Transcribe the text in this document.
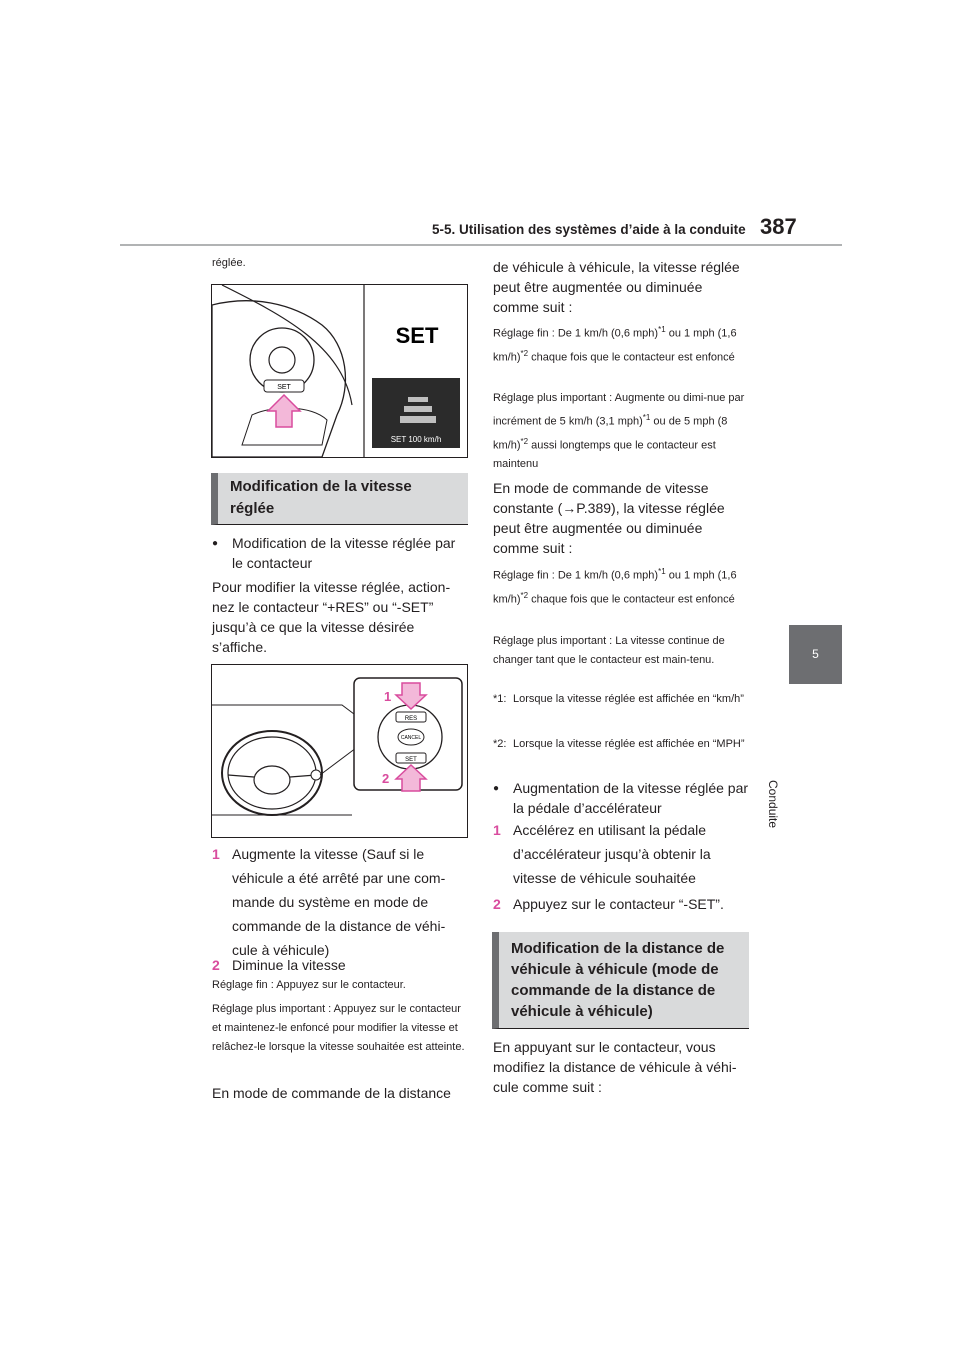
5-5. Utilisation des systèmes d’aide à la conduite 387
5
Conduite

réglée.

SET
SET
SET 100 km/h
Modification de la vitesse réglée
● Modification de la vitesse réglée par le contacteur

Pour modifier la vitesse réglée, action-nez le contacteur “+RES” ou “-SET” jusqu’à ce que la vitesse désirée s’affiche.

RES
CANCEL
SET
1
2
1 Augmente la vitesse (Sauf si le véhicule a été arrêté par une com-mande du système en mode de commande de la distance de véhi-cule à véhicule)
2 Diminue la vitesse

Réglage fin : Appuyez sur le contacteur.

Réglage plus important : Appuyez sur le contacteur et maintenez-le enfoncé pour modifier la vitesse et relâchez-le lorsque la vitesse souhaitée est atteinte.

En mode de commande de la distance

de véhicule à véhicule, la vitesse réglée peut être augmentée ou diminuée comme suit :

Réglage fin : De 1 km/h (0,6 mph)$^{*1}$ ou 1 mph (1,6 km/h)$^{*2}$ chaque fois que le contacteur est enfoncé

Réglage plus important : Augmente ou dimi-nue par incrément de 5 km/h (3,1 mph)$^{*1}$ ou de 5 mph (8 km/h)$^{*2}$ aussi longtemps que le contacteur est maintenu

En mode de commande de vitesse constante (→P.389), la vitesse réglée peut être augmentée ou diminuée comme suit :

Réglage fin : De 1 km/h (0,6 mph)$^{*1}$ ou 1 mph (1,6 km/h)$^{*2}$ chaque fois que le contacteur est enfoncé

Réglage plus important : La vitesse continue de changer tant que le contacteur est main-tenu.

*1: Lorsque la vitesse réglée est affichée en “km/h”
*2: Lorsque la vitesse réglée est affichée en “MPH”
● Augmentation de la vitesse réglée par la pédale d’accélérateur
1 Accélérez en utilisant la pédale d’accélérateur jusqu’à obtenir la vitesse de véhicule souhaitée
2 Appuyez sur le contacteur “-SET”.
Modification de la distance de véhicule à véhicule (mode de commande de la distance de véhicule à véhicule)

En appuyant sur le contacteur, vous modifiez la distance de véhicule à véhi-cule comme suit :
